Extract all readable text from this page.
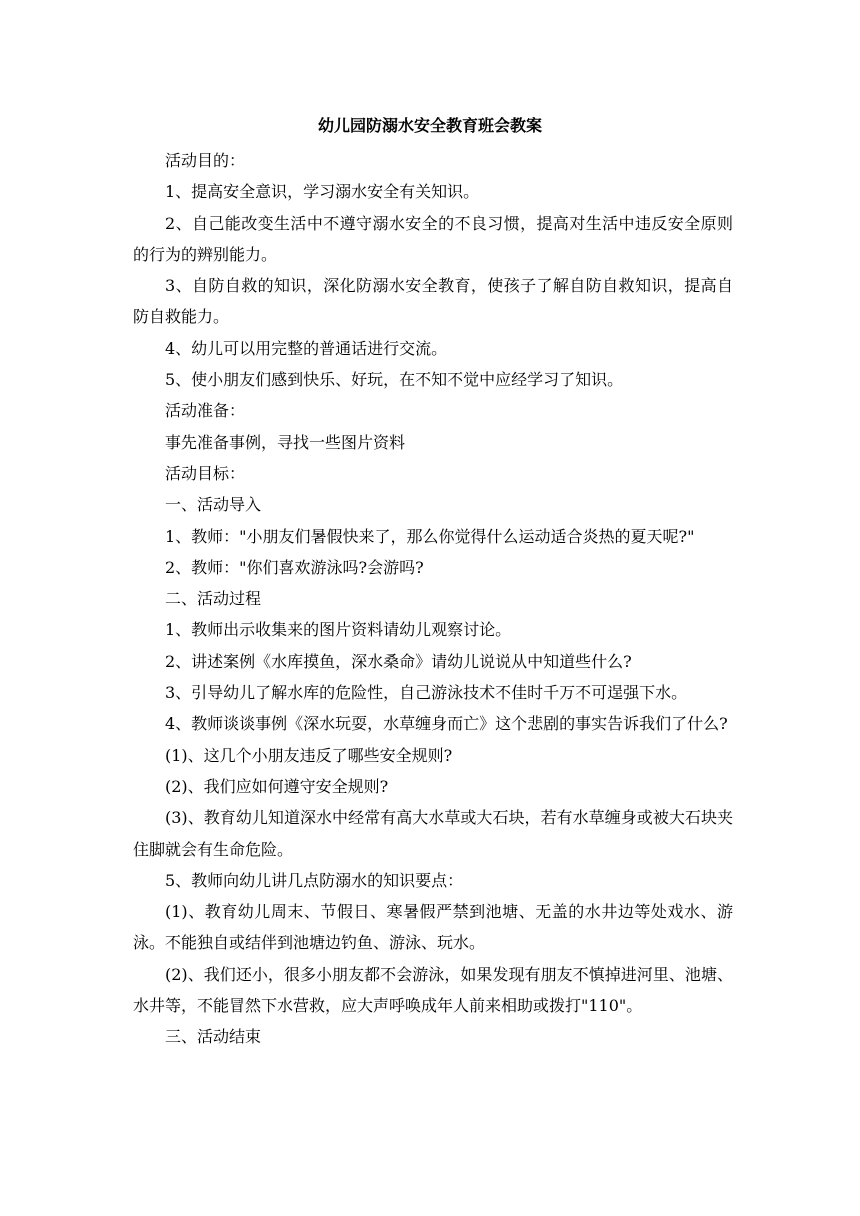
幼儿园防溺水安全教育班会教案

活动目的：

1、提高安全意识，学习溺水安全有关知识。

2、自己能改变生活中不遵守溺水安全的不良习惯，提高对生活中违反安全原则的行为的辨别能力。

3、自防自救的知识，深化防溺水安全教育，使孩子了解自防自救知识，提高自防自救能力。

4、幼儿可以用完整的普通话进行交流。

5、使小朋友们感到快乐、好玩，在不知不觉中应经学习了知识。

活动准备：

事先准备事例，寻找一些图片资料

活动目标：

一、活动导入

1、教师："小朋友们暑假快来了，那么你觉得什么运动适合炎热的夏天呢?"

2、教师："你们喜欢游泳吗?会游吗?

二、活动过程

1、教师出示收集来的图片资料请幼儿观察讨论。

2、讲述案例《水库摸鱼，深水桑命》请幼儿说说从中知道些什么?

3、引导幼儿了解水库的危险性，自己游泳技术不佳时千万不可逞强下水。

4、教师谈谈事例《深水玩耍，水草缠身而亡》这个悲剧的事实告诉我们了什么?

(1)、这几个小朋友违反了哪些安全规则?

(2)、我们应如何遵守安全规则?

(3)、教育幼儿知道深水中经常有高大水草或大石块，若有水草缠身或被大石块夹住脚就会有生命危险。

5、教师向幼儿讲几点防溺水的知识要点：

(1)、教育幼儿周末、节假日、寒暑假严禁到池塘、无盖的水井边等处戏水、游泳。不能独自或结伴到池塘边钓鱼、游泳、玩水。

(2)、我们还小，很多小朋友都不会游泳，如果发现有朋友不慎掉进河里、池塘、水井等，不能冒然下水营救，应大声呼唤成年人前来相助或拨打"110"。

三、活动结束
